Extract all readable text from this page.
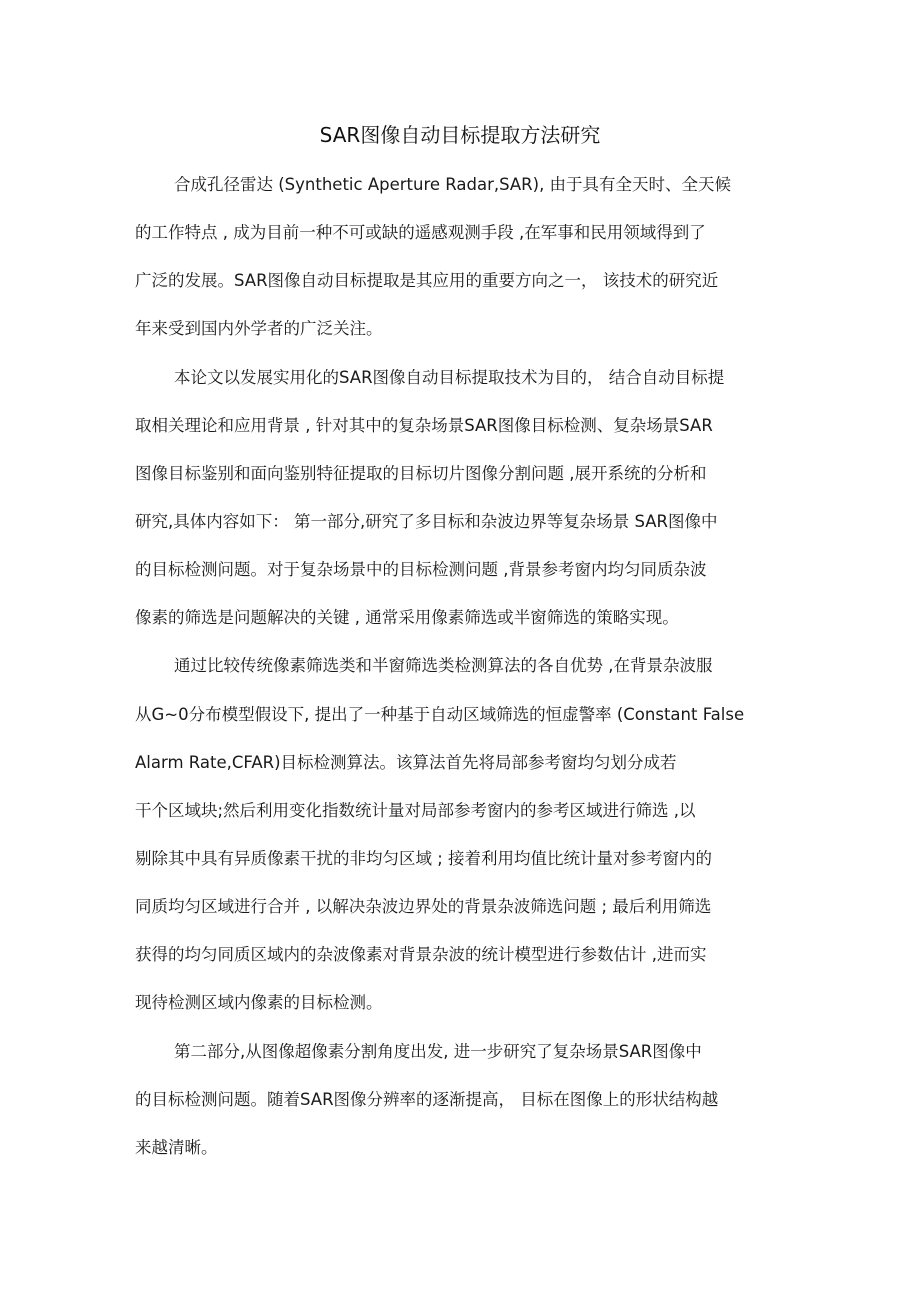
SAR图像自动目标提取方法研究

合成孔径雷达 (Synthetic Aperture Radar,SAR), 由于具有全天时、全天候

的工作特点 , 成为目前一种不可或缺的遥感观测手段 ,在军事和民用领域得到了

广泛的发展。SAR图像自动目标提取是其应用的重要方向之一， 该技术的研究近

年来受到国内外学者的广泛关注。

本论文以发展实用化的SAR图像自动目标提取技术为目的， 结合自动目标提

取相关理论和应用背景 , 针对其中的复杂场景SAR图像目标检测、复杂场景SAR

图像目标鉴别和面向鉴别特征提取的目标切片图像分割问题 ,展开系统的分析和

研究,具体内容如下： 第一部分,研究了多目标和杂波边界等复杂场景 SAR图像中

的目标检测问题。对于复杂场景中的目标检测问题 ,背景参考窗内均匀同质杂波

像素的筛选是问题解决的关键 , 通常采用像素筛选或半窗筛选的策略实现。

通过比较传统像素筛选类和半窗筛选类检测算法的各自优势 ,在背景杂波服

从G~0分布模型假设下, 提出了一种基于自动区域筛选的恒虚警率 (Constant False

Alarm Rate,CFAR)目标检测算法。该算法首先将局部参考窗均匀划分成若

干个区域块;然后利用变化指数统计量对局部参考窗内的参考区域进行筛选 ,以

剔除其中具有异质像素干扰的非均匀区域 ; 接着利用均值比统计量对参考窗内的

同质均匀区域进行合并 , 以解决杂波边界处的背景杂波筛选问题 ; 最后利用筛选

获得的均匀同质区域内的杂波像素对背景杂波的统计模型进行参数估计 ,进而实

现待检测区域内像素的目标检测。

第二部分,从图像超像素分割角度出发, 进一步研究了复杂场景SAR图像中

的目标检测问题。随着SAR图像分辨率的逐渐提高， 目标在图像上的形状结构越

来越清晰。
